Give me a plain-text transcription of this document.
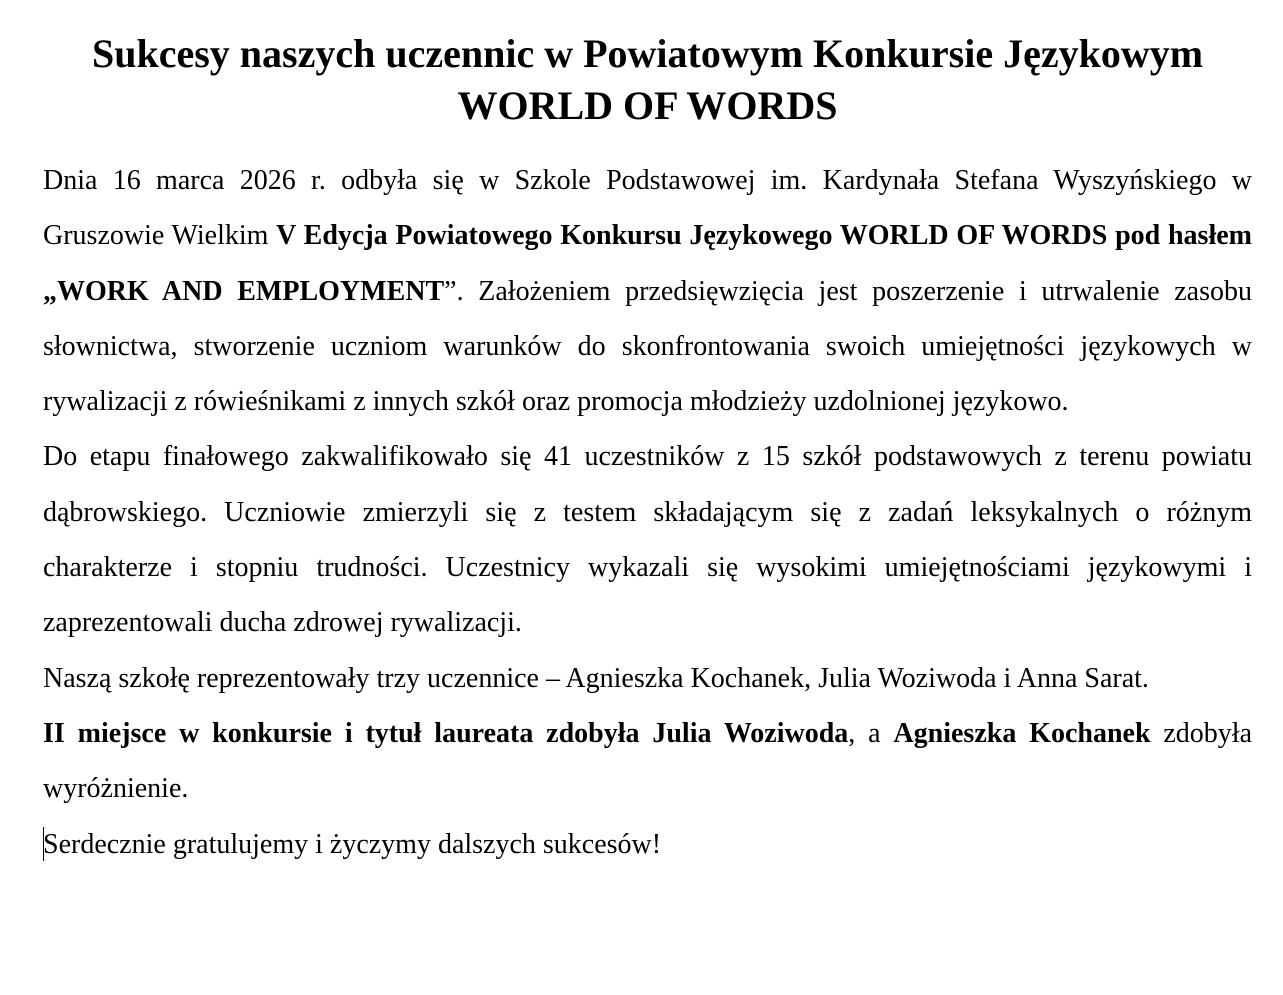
Sukcesy naszych uczennic w Powiatowym Konkursie Językowym
WORLD OF WORDS

Dnia 16 marca 2026 r. odbyła się w Szkole Podstawowej im. Kardynała Stefana Wyszyńskiego w Gruszowie Wielkim V Edycja Powiatowego Konkursu Językowego WORLD OF WORDS pod hasłem „WORK AND EMPLOYMENT”. Założeniem przedsięwzięcia jest poszerzenie i utrwalenie zasobu słownictwa, stworzenie uczniom warunków do skonfrontowania swoich umiejętności językowych w rywalizacji z rówieśnikami z innych szkół oraz promocja młodzieży uzdolnionej językowo.

Do etapu finałowego zakwalifikowało się 41 uczestników z 15 szkół podstawowych z terenu powiatu dąbrowskiego. Uczniowie zmierzyli się z testem składającym się z zadań leksykalnych o różnym charakterze i stopniu trudności. Uczestnicy wykazali się wysokimi umiejętnościami językowymi i zaprezentowali ducha zdrowej rywalizacji.

Naszą szkołę reprezentowały trzy uczennice – Agnieszka Kochanek, Julia Woziwoda i Anna Sarat.

II miejsce w konkursie i tytuł laureata zdobyła Julia Woziwoda, a Agnieszka Kochanek zdobyła wyróżnienie.

Serdecznie gratulujemy i życzymy dalszych sukcesów!
